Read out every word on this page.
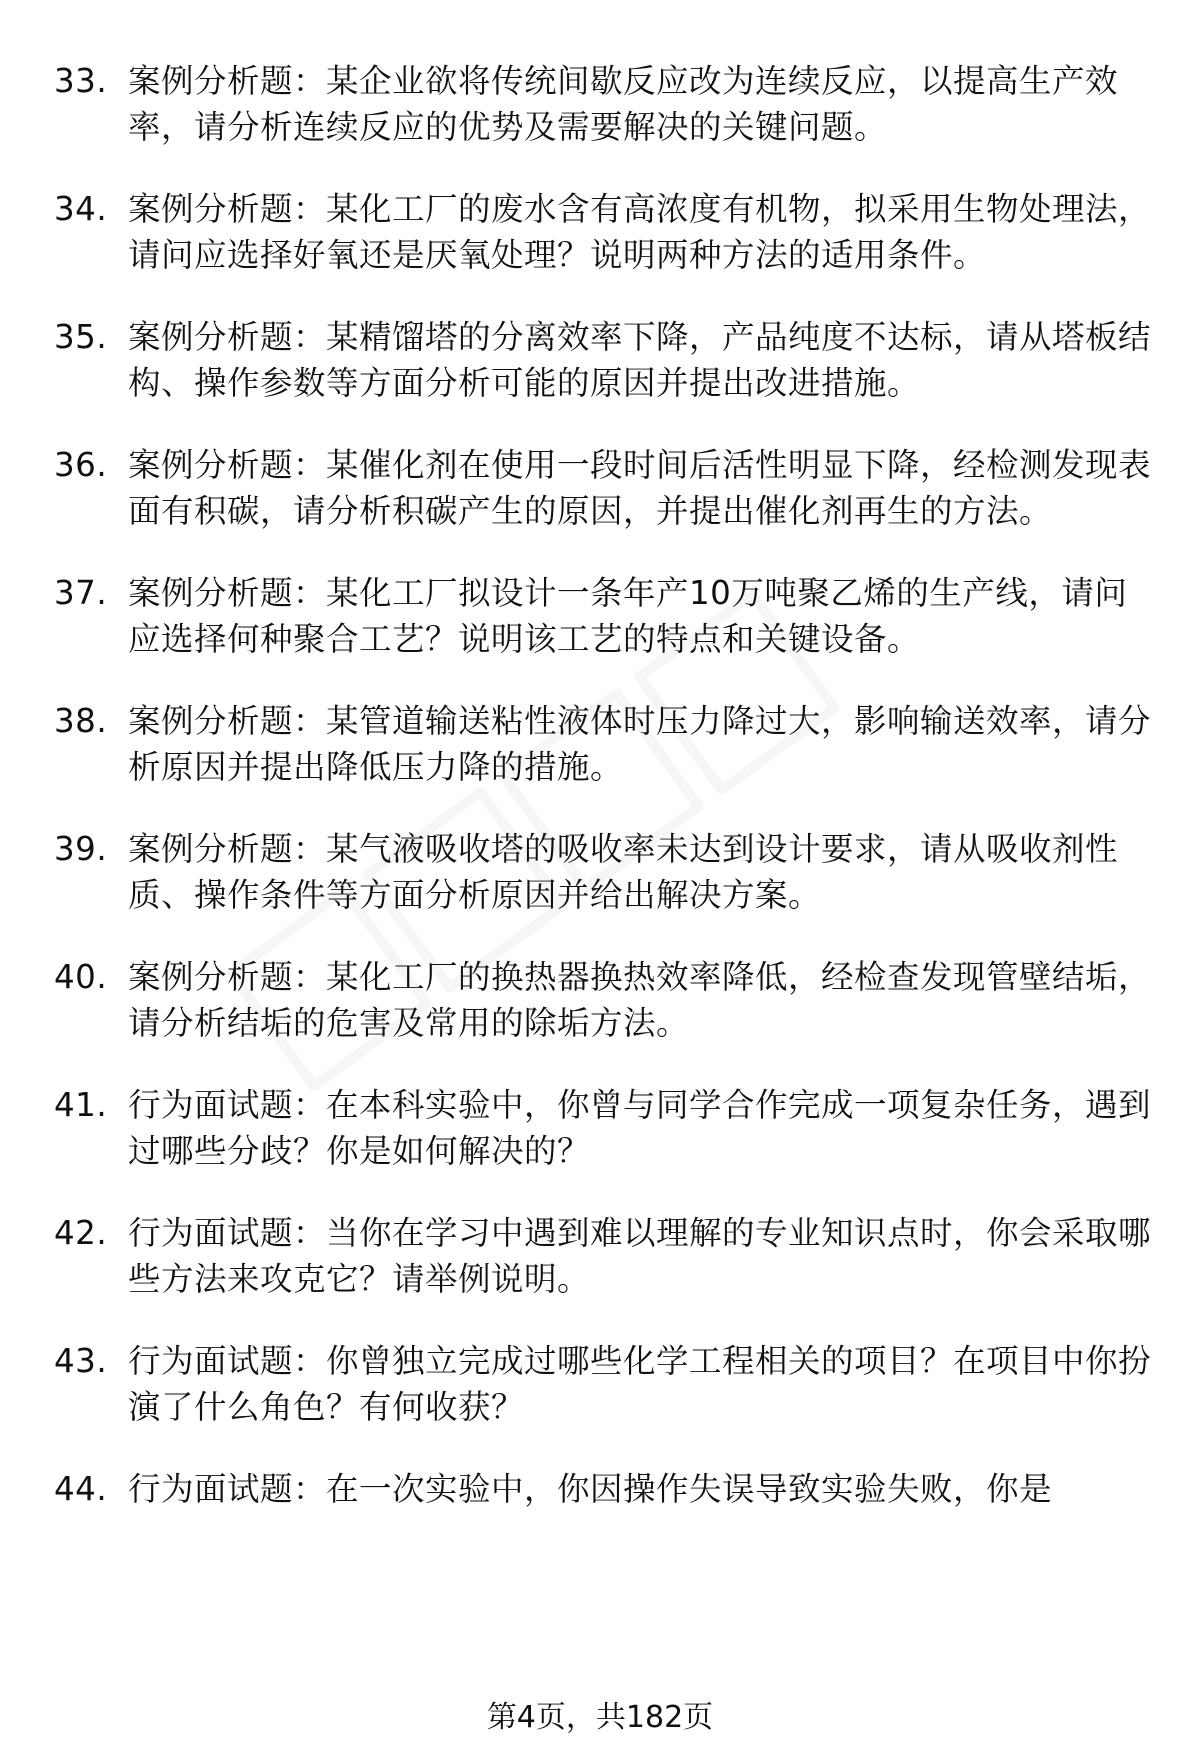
33. 案例分析题：某企业欲将传统间歇反应改为连续反应，以提高生产效率，请分析连续反应的优势及需要解决的关键问题。
34. 案例分析题：某化工厂的废水含有高浓度有机物，拟采用生物处理法，请问应选择好氧还是厌氧处理？说明两种方法的适用条件。
35. 案例分析题：某精馏塔的分离效率下降，产品纯度不达标，请从塔板结构、操作参数等方面分析可能的原因并提出改进措施。
36. 案例分析题：某催化剂在使用一段时间后活性明显下降，经检测发现表面有积碳，请分析积碳产生的原因，并提出催化剂再生的方法。
37. 案例分析题：某化工厂拟设计一条年产10万吨聚乙烯的生产线，请问应选择何种聚合工艺？说明该工艺的特点和关键设备。
38. 案例分析题：某管道输送粘性液体时压力降过大，影响输送效率，请分析原因并提出降低压力降的措施。
39. 案例分析题：某气液吸收塔的吸收率未达到设计要求，请从吸收剂性质、操作条件等方面分析原因并给出解决方案。
40. 案例分析题：某化工厂的换热器换热效率降低，经检查发现管壁结垢，请分析结垢的危害及常用的除垢方法。
41. 行为面试题：在本科实验中，你曾与同学合作完成一项复杂任务，遇到过哪些分歧？你是如何解决的？
42. 行为面试题：当你在学习中遇到难以理解的专业知识点时，你会采取哪些方法来攻克它？请举例说明。
43. 行为面试题：你曾独立完成过哪些化学工程相关的项目？在项目中你扮演了什么角色？有何收获？
44. 行为面试题：在一次实验中，你因操作失误导致实验失败，你是
第4页，共182页
